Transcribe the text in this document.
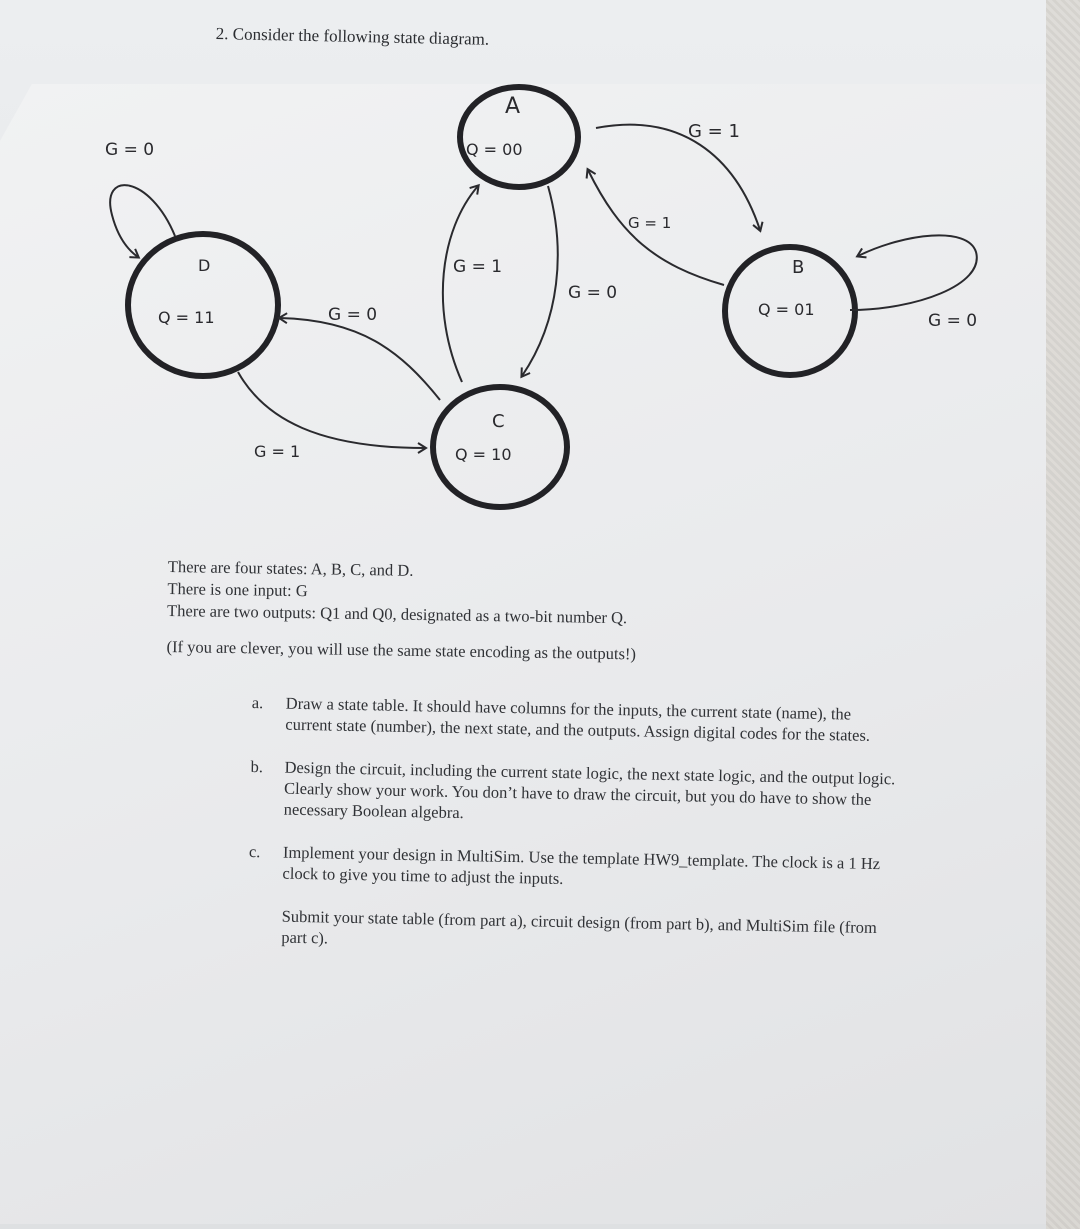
2. Consider the following state diagram.
A
Q = 00
B
Q = 01
C
Q = 10
D
Q = 11
G = 0
G = 1
G = 1
G = 0
G = 1
G = 0
G = 0
G = 1
There are four states: A, B, C, and D.
There is one input: G
There are two outputs: Q1 and Q0, designated as a two-bit number Q.
(If you are clever, you will use the same state encoding as the outputs!)
a.	Draw a state table. It should have columns for the inputs, the current state (name), the current state (number), the next state, and the outputs. Assign digital codes for the states.
b.	Design the circuit, including the current state logic, the next state logic, and the output logic. Clearly show your work. You don’t have to draw the circuit, but you do have to show the necessary Boolean algebra.
c.	Implement your design in MultiSim. Use the template HW9_template. The clock is a 1 Hz clock to give you time to adjust the inputs.
Submit your state table (from part a), circuit design (from part b), and MultiSim file (from part c).
